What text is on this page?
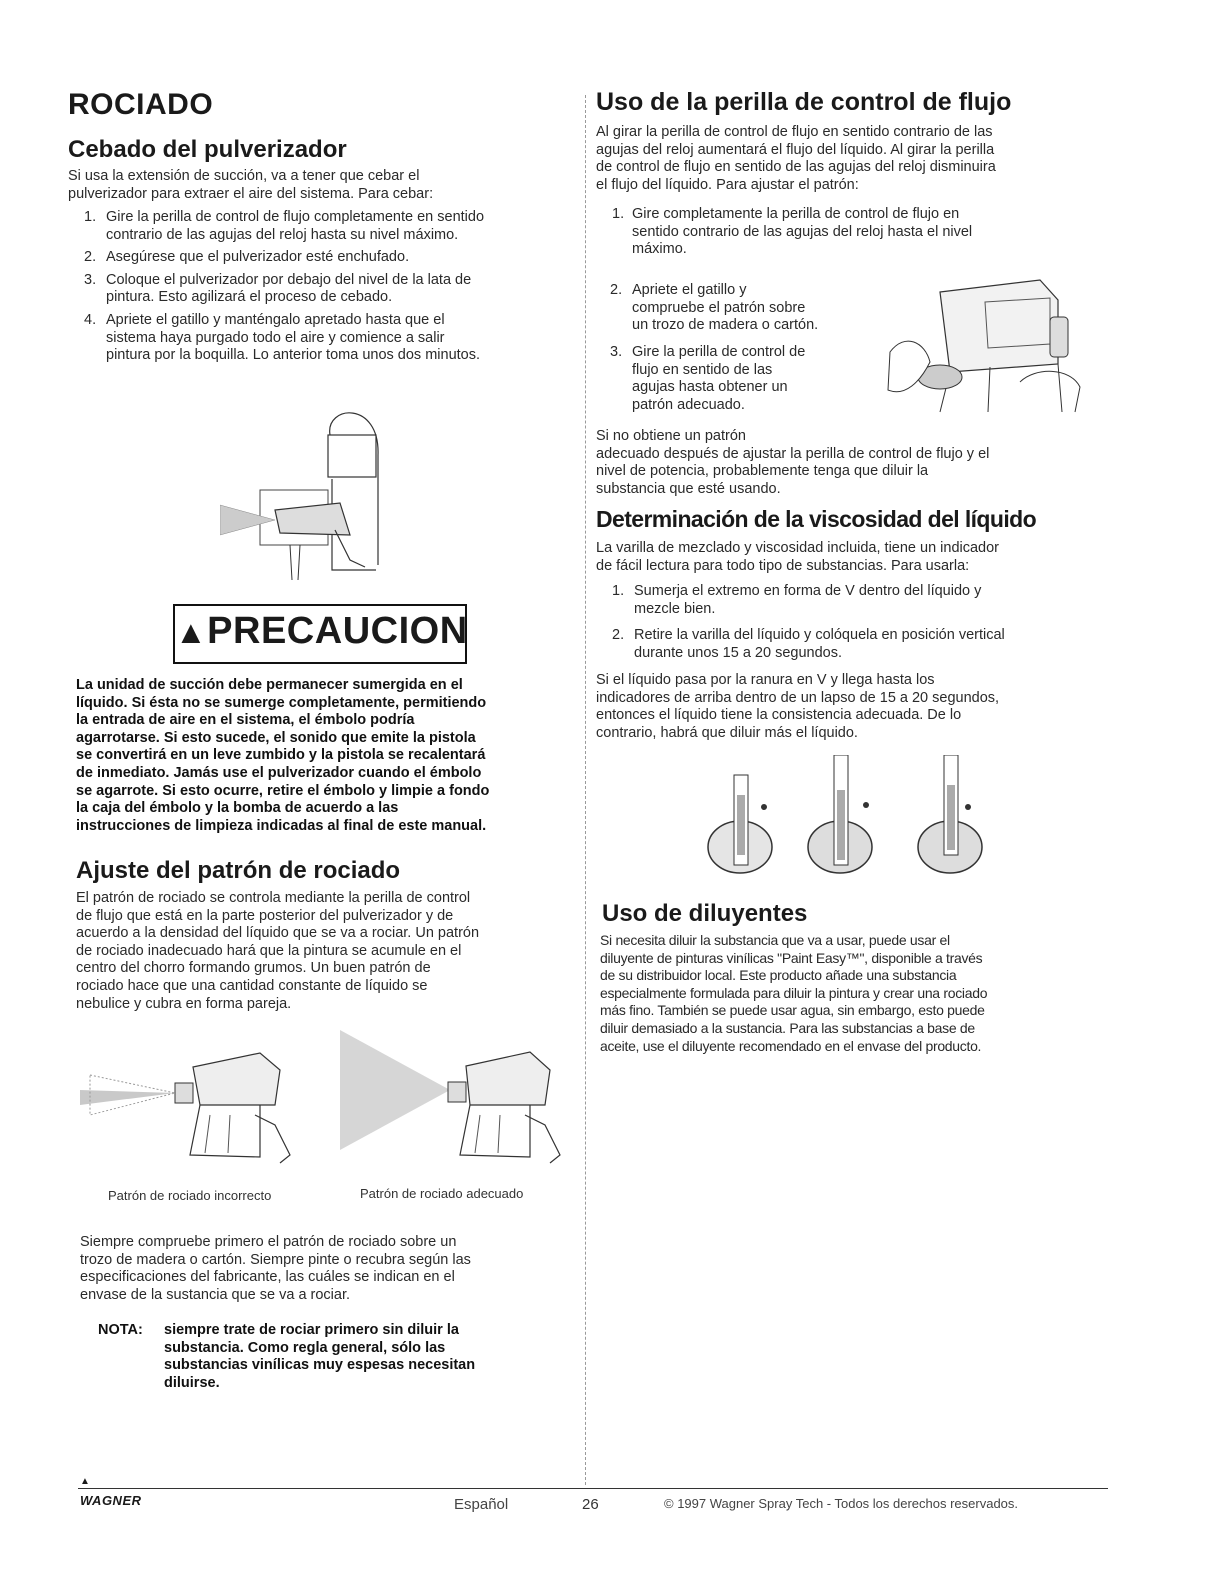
ROCIADO
Cebado del pulverizador

Si usa la extensión de succión, va a tener que cebar el

pulverizador para extraer el aire del sistema. Para cebar:

1. Gire la perilla de control de flujo completamente en sentido
contrario de las agujas del reloj hasta su nivel máximo.
2. Asegúrese que el pulverizador esté enchufado.
3. Coloque el pulverizador por debajo del nivel de la lata de
pintura. Esto agilizará el proceso de cebado.
4. Apriete el gatillo y manténgalo apretado hasta que el
sistema haya purgado todo el aire y comience a salir
pintura por la boquilla. Lo anterior toma unos dos minutos.
▲PRECAUCION
La unidad de succión debe permanecer sumergida en el
líquido. Si ésta no se sumerge completamente, permitiendo
la entrada de aire en el sistema, el émbolo podría
agarrotarse. Si esto sucede, el sonido que emite la pistola
se convertirá en un leve zumbido y la pistola se recalentará
de inmediato. Jamás use el pulverizador cuando el émbolo
se agarrote. Si esto ocurre, retire el émbolo y limpie a fondo
la caja del émbolo y la bomba de acuerdo a las
instrucciones de limpieza indicadas al final de este manual.
Ajuste del patrón de rociado
El patrón de rociado se controla mediante la perilla de control
de flujo que está en la parte posterior del pulverizador y de
acuerdo a la densidad del líquido que se va a rociar. Un patrón
de rociado inadecuado hará que la pintura se acumule en el
centro del chorro formando grumos. Un buen patrón de
rociado hace que una cantidad constante de líquido se
nebulice y cubra en forma pareja.
Patrón de rociado incorrecto	Patrón de rociado adecuado
Siempre compruebe primero el patrón de rociado sobre un
trozo de madera o cartón. Siempre pinte o recubra según las
especificaciones del fabricante, las cuáles se indican en el
envase de la sustancia que se va a rociar.
NOTA: siempre trate de rociar primero sin diluir la
substancia. Como regla general, sólo las
substancias vinílicas muy espesas necesitan
diluirse.
Uso de la perilla de control de flujo
Al girar la perilla de control de flujo en sentido contrario de las
agujas del reloj aumentará el flujo del líquido. Al girar la perilla
de control de flujo en sentido de las agujas del reloj disminuira
el flujo del líquido. Para ajustar el patrón:
1. Gire completamente la perilla de control de flujo en
sentido contrario de las agujas del reloj hasta el nivel
máximo.
2. Apriete el gatillo y
compruebe el patrón sobre
un trozo de madera o cartón.
3. Gire la perilla de control de
flujo en sentido de las
agujas hasta obtener un
patrón adecuado.
Si no obtiene un patrón
adecuado después de ajustar la perilla de control de flujo y el
nivel de potencia, probablemente tenga que diluir la
substancia que esté usando.
Determinación de la viscosidad del líquido
La varilla de mezclado y viscosidad incluida, tiene un indicador
de fácil lectura para todo tipo de substancias. Para usarla:
1. Sumerja el extremo en forma de V dentro del líquido y
mezcle bien.
2. Retire la varilla del líquido y colóquela en posición vertical
durante unos 15 a 20 segundos.
Si el líquido pasa por la ranura en V y llega hasta los
indicadores de arriba dentro de un lapso de 15 a 20 segundos,
entonces el líquido tiene la consistencia adecuada. De lo
contrario, habrá que diluir más el líquido.
Uso de diluyentes
Si necesita diluir la substancia que va a usar, puede usar el
diluyente de pinturas vinílicas "Paint Easy™", disponible a través
de su distribuidor local. Este producto añade una substancia
especialmente formulada para diluir la pintura y crear una rociado
más fino. También se puede usar agua, sin embargo, esto puede
diluir demasiado a la sustancia. Para las substancias a base de
aceite, use el diluyente recomendado en el envase del producto.
▲
WAGNER	Español	26	© 1997 Wagner Spray Tech - Todos los derechos reservados.
